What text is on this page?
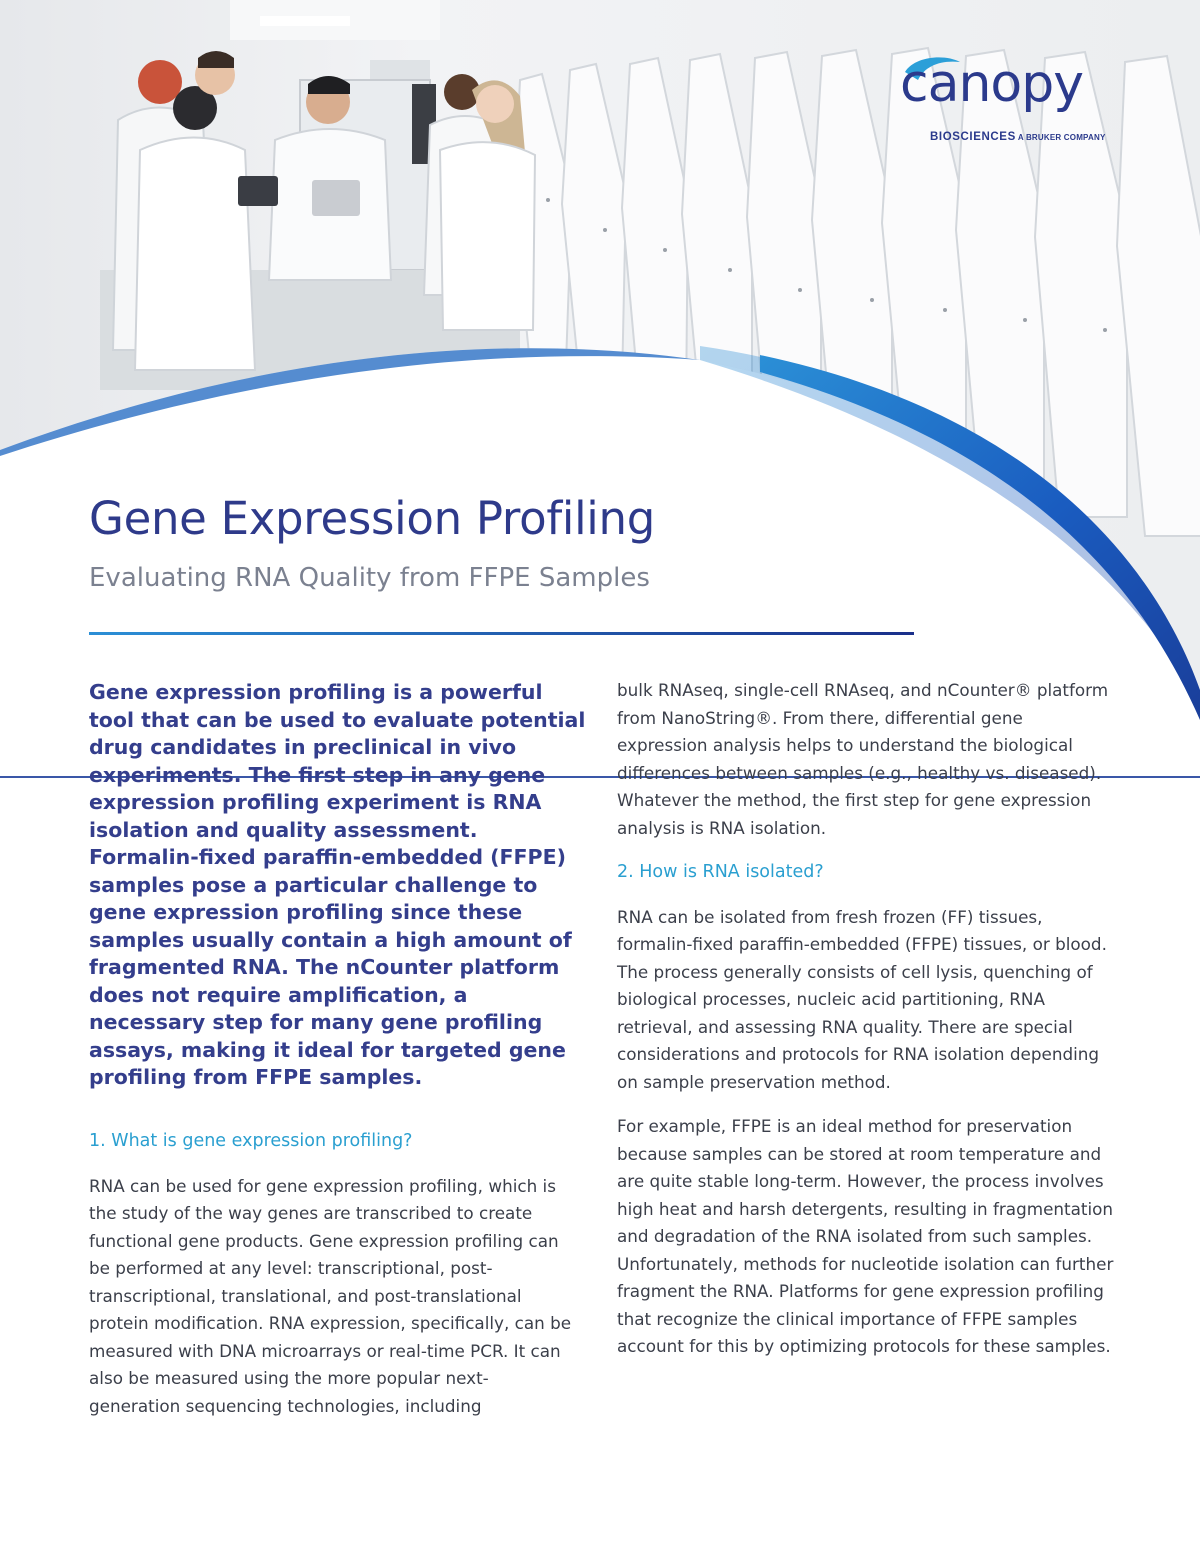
canopy
BIOSCIENCES A BRUKER COMPANY
Gene Expression Profiling
Evaluating RNA Quality from FFPE Samples

Gene expression profiling is a powerful tool that can be used to evaluate potential drug candidates in preclinical in vivo experiments. The first step in any gene expression profiling experiment is RNA isolation and quality assessment. Formalin-fixed paraffin-embedded (FFPE) samples pose a particular challenge to gene expression profiling since these samples usually contain a high amount of fragmented RNA. The nCounter platform does not require amplification, a necessary step for many gene profiling assays, making it ideal for targeted gene profiling from FFPE samples.

1. What is gene expression profiling?

RNA can be used for gene expression profiling, which is the study of the way genes are transcribed to create functional gene products. Gene expression profiling can be performed at any level: transcriptional, post-transcriptional, translational, and post-translational protein modification. RNA expression, specifically, can be measured with DNA microarrays or real-time PCR. It can also be measured using the more popular next-generation sequencing technologies, including

bulk RNAseq, single-cell RNAseq, and nCounter® platform from NanoString®. From there, differential gene expression analysis helps to understand the biological differences between samples (e.g., healthy vs. diseased). Whatever the method, the first step for gene expression analysis is RNA isolation.

2. How is RNA isolated?

RNA can be isolated from fresh frozen (FF) tissues, formalin-fixed paraffin-embedded (FFPE) tissues, or blood. The process generally consists of cell lysis, quenching of biological processes, nucleic acid partitioning, RNA retrieval, and assessing RNA quality. There are special considerations and protocols for RNA isolation depending on sample preservation method.

For example, FFPE is an ideal method for preservation because samples can be stored at room temperature and are quite stable long-term. However, the process involves high heat and harsh detergents, resulting in fragmentation and degradation of the RNA isolated from such samples. Unfortunately, methods for nucleotide isolation can further fragment the RNA. Platforms for gene expression profiling that recognize the clinical importance of FFPE samples account for this by optimizing protocols for these samples.
